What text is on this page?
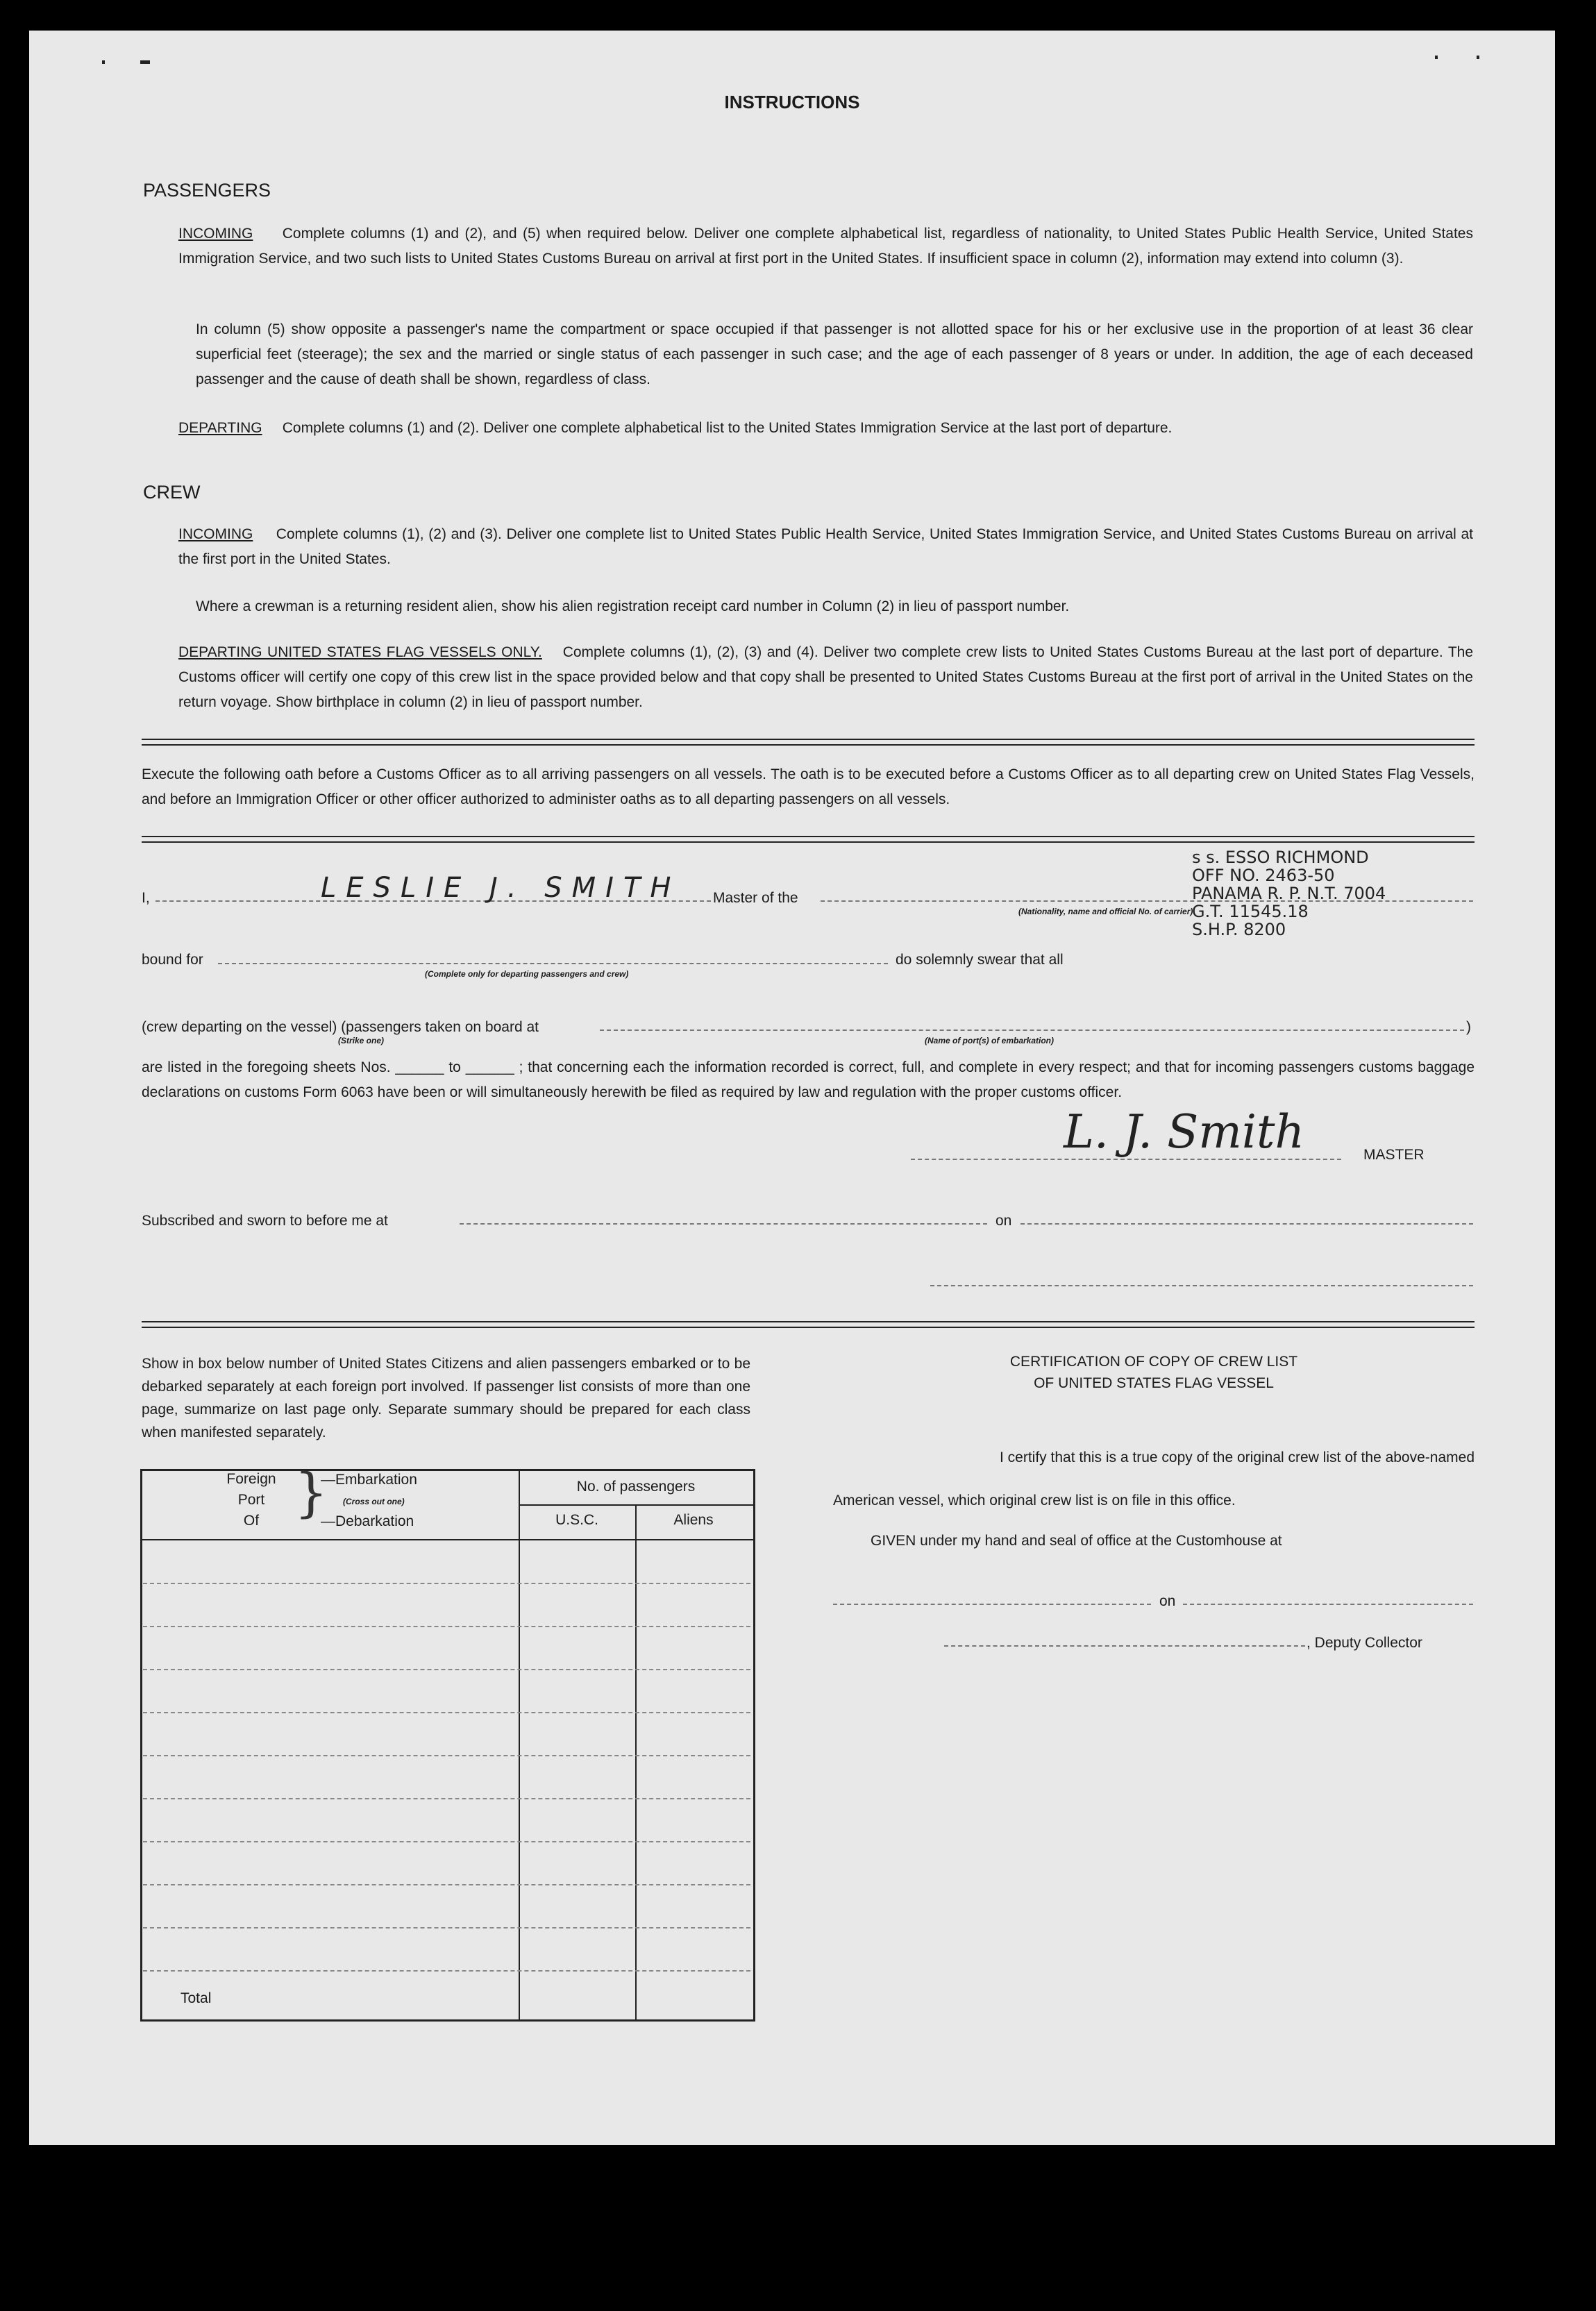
INSTRUCTIONS
PASSENGERS
INCOMING Complete columns (1) and (2), and (5) when required below. Deliver one complete alphabetical list, regardless of nationality, to United States Public Health Service, United States Immigration Service, and two such lists to United States Customs Bureau on arrival at first port in the United States. If insufficient space in column (2), information may extend into column (3).
In column (5) show opposite a passenger's name the compartment or space occupied if that passenger is not allotted space for his or her exclusive use in the proportion of at least 36 clear superficial feet (steerage); the sex and the married or single status of each passenger in such case; and the age of each passenger of 8 years or under. In addition, the age of each deceased passenger and the cause of death shall be shown, regardless of class.
DEPARTING Complete columns (1) and (2). Deliver one complete alphabetical list to the United States Immigration Service at the last port of departure.
CREW
INCOMING Complete columns (1), (2) and (3). Deliver one complete list to United States Public Health Service, United States Immigration Service, and United States Customs Bureau on arrival at the first port in the United States.
Where a crewman is a returning resident alien, show his alien registration receipt card number in Column (2) in lieu of passport number.
DEPARTING UNITED STATES FLAG VESSELS ONLY. Complete columns (1), (2), (3) and (4). Deliver two complete crew lists to United States Customs Bureau at the last port of departure. The Customs officer will certify one copy of this crew list in the space provided below and that copy shall be presented to United States Customs Bureau at the first port of arrival in the United States on the return voyage. Show birthplace in column (2) in lieu of passport number.
Execute the following oath before a Customs Officer as to all arriving passengers on all vessels. The oath is to be executed before a Customs Officer as to all departing crew on United States Flag Vessels, and before an Immigration Officer or other officer authorized to administer oaths as to all departing passengers on all vessels.
I,	LESLIE J. SMITH Master of the
(Nationality, name and official No. of carrier)
s s. ESSO RICHMOND
OFF NO. 2463-50
PANAMA R. P. N.T. 7004
G.T. 11545.18
S.H.P. 8200
bound for
(Complete only for departing passengers and crew)
do solemnly swear that all
(crew departing on the vessel) (passengers taken on board at	)
(Strike one)	(Name of port(s) of embarkation)
are listed in the foregoing sheets Nos. ______ to ______ ; that concerning each the information recorded is correct, full, and complete in every respect; and that for incoming passengers customs baggage declarations on customs Form 6063 have been or will simultaneously herewith be filed as required by law and regulation with the proper customs officer.
L. J. Smith	MASTER
Subscribed and sworn to before me at	on
Show in box below number of United States Citizens and alien passengers embarked or to be debarked separately at each foreign port involved. If passenger list consists of more than one page, summarize on last page only. Separate summary should be prepared for each class when manifested separately.
Foreign
Port
Of }
—Embarkation
(Cross out one)
—Debarkation
No. of passengers
U.S.C.	Aliens
Total
CERTIFICATION OF COPY OF CREW LIST
OF UNITED STATES FLAG VESSEL
I certify that this is a true copy of the original crew list of the above-named
American vessel, which original crew list is on file in this office.
GIVEN under my hand and seal of office at the Customhouse at
on
, Deputy Collector
